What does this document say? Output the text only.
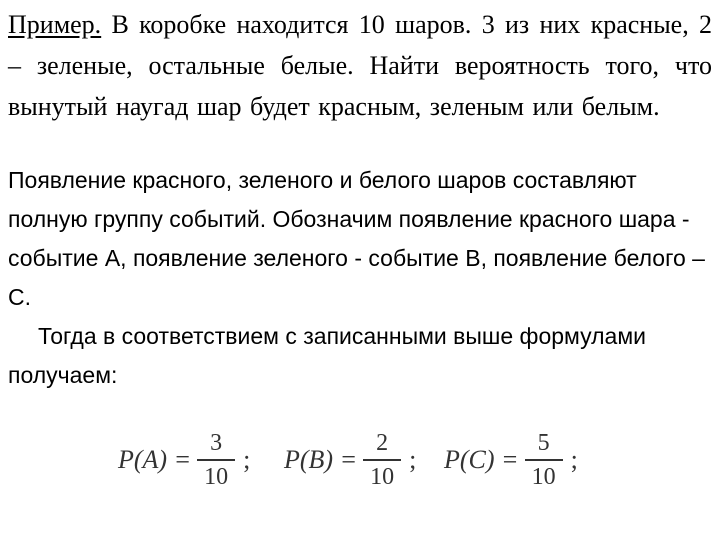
Пример. В коробке находится 10 шаров. 3 из них красные, 2 – зеленые, остальные белые. Найти вероятность того, что вынутый наугад шар будет красным, зеленым или белым.

Появление красного, зеленого и белого шаров составляют полную группу событий. Обозначим появление красного шара - событие А, появление зеленого - событие В, появление белого –С.

Тогда в соответствием с записанными выше формулами получаем:

$P(A) = \frac{3}{10}$ ; $P(B) = \frac{2}{10}$ ; $P(C) = \frac{5}{10}$ ;
